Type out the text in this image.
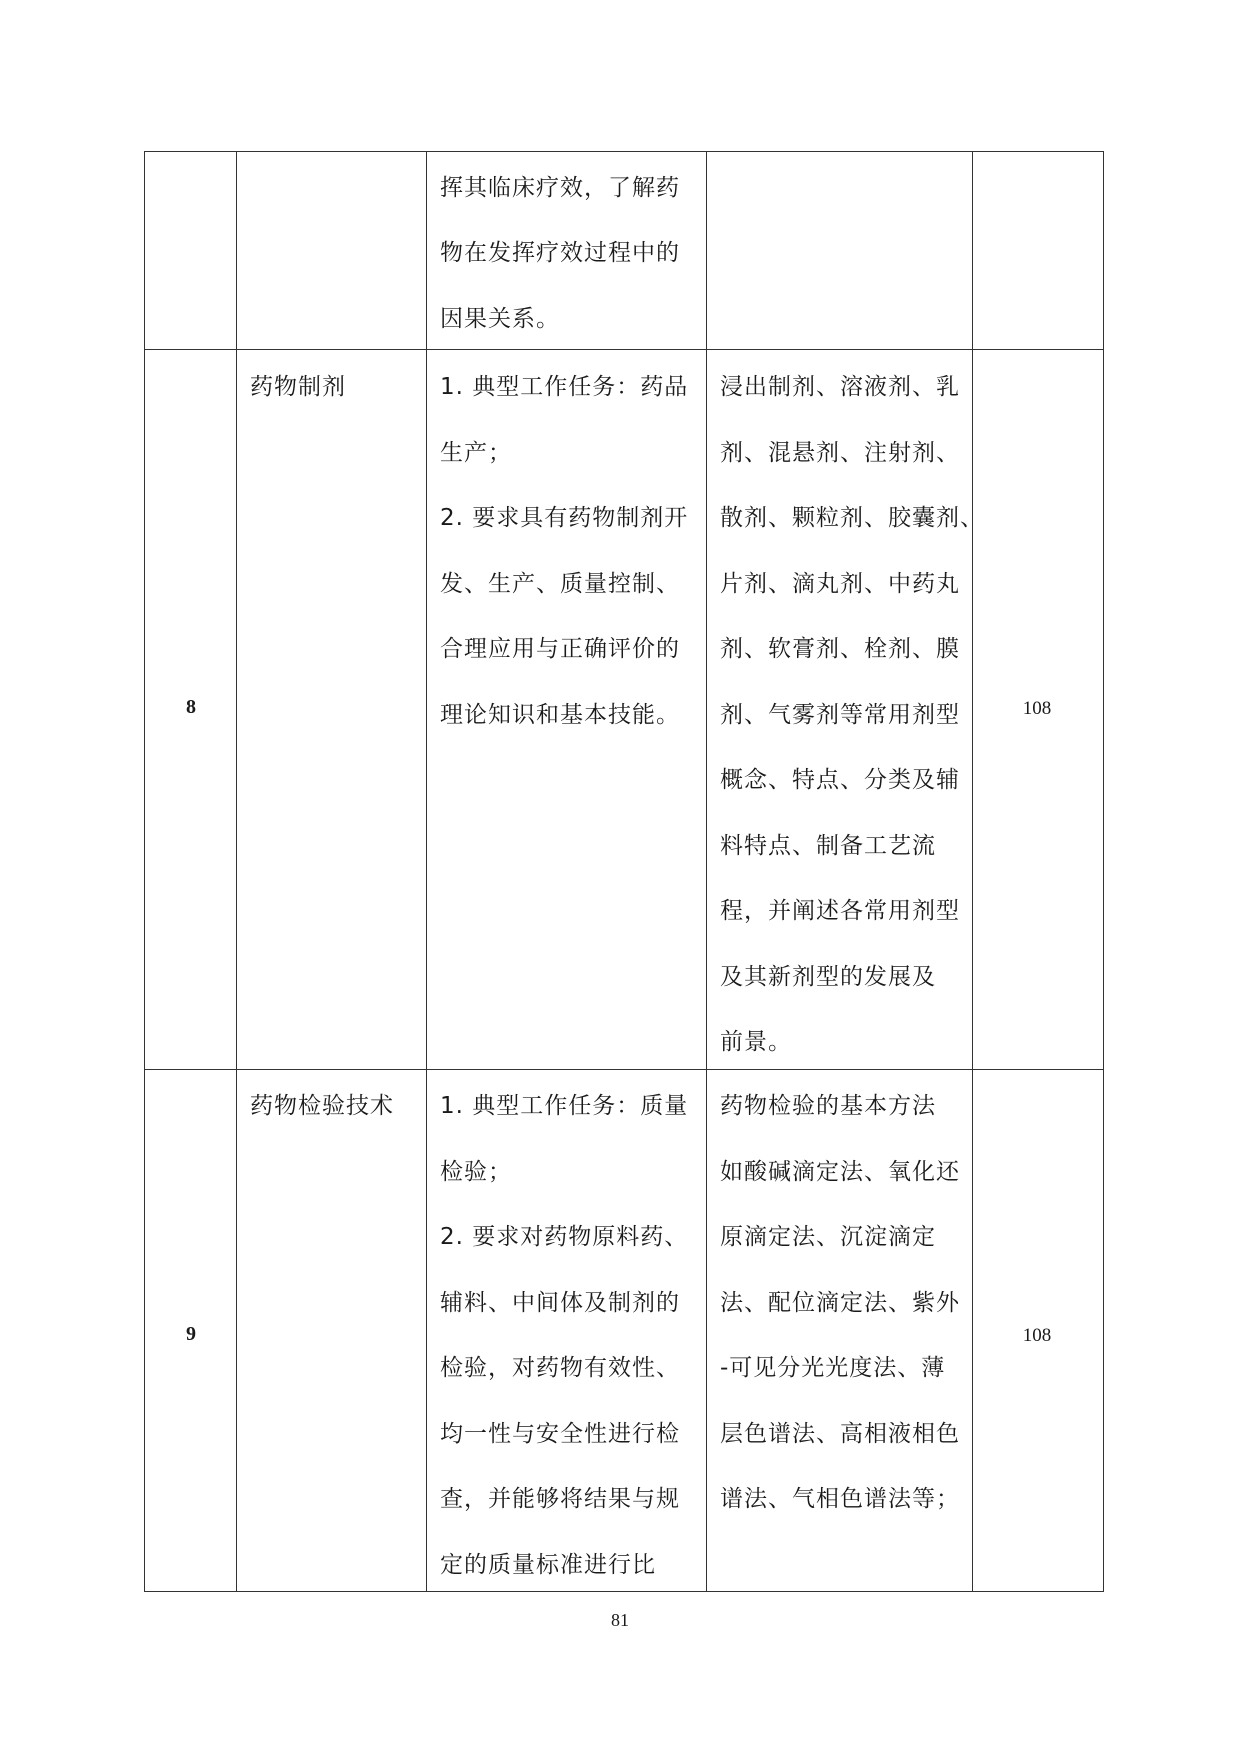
挥其临床疗效，了解药
物在发挥疗效过程中的
因果关系。
8
药物制剂	1. 典型工作任务：药品
生产；
2. 要求具有药物制剂开
发、生产、质量控制、
合理应用与正确评价的
理论知识和基本技能。
浸出制剂、溶液剂、乳
剂、混悬剂、注射剂、
散剂、颗粒剂、胶囊剂、
片剂、滴丸剂、中药丸
剂、软膏剂、栓剂、膜
剂、气雾剂等常用剂型
概念、特点、分类及辅
料特点、制备工艺流
程，并阐述各常用剂型
及其新剂型的发展及
前景。
108
9
药物检验技术 1. 典型工作任务：质量
检验；
2. 要求对药物原料药、
辅料、中间体及制剂的
检验，对药物有效性、
均一性与安全性进行检
查，并能够将结果与规
定的质量标准进行比
药物检验的基本方法
如酸碱滴定法、氧化还
原滴定法、沉淀滴定
法、配位滴定法、紫外
-可见分光光度法、薄
层色谱法、高相液相色
谱法、气相色谱法等；
108
81
